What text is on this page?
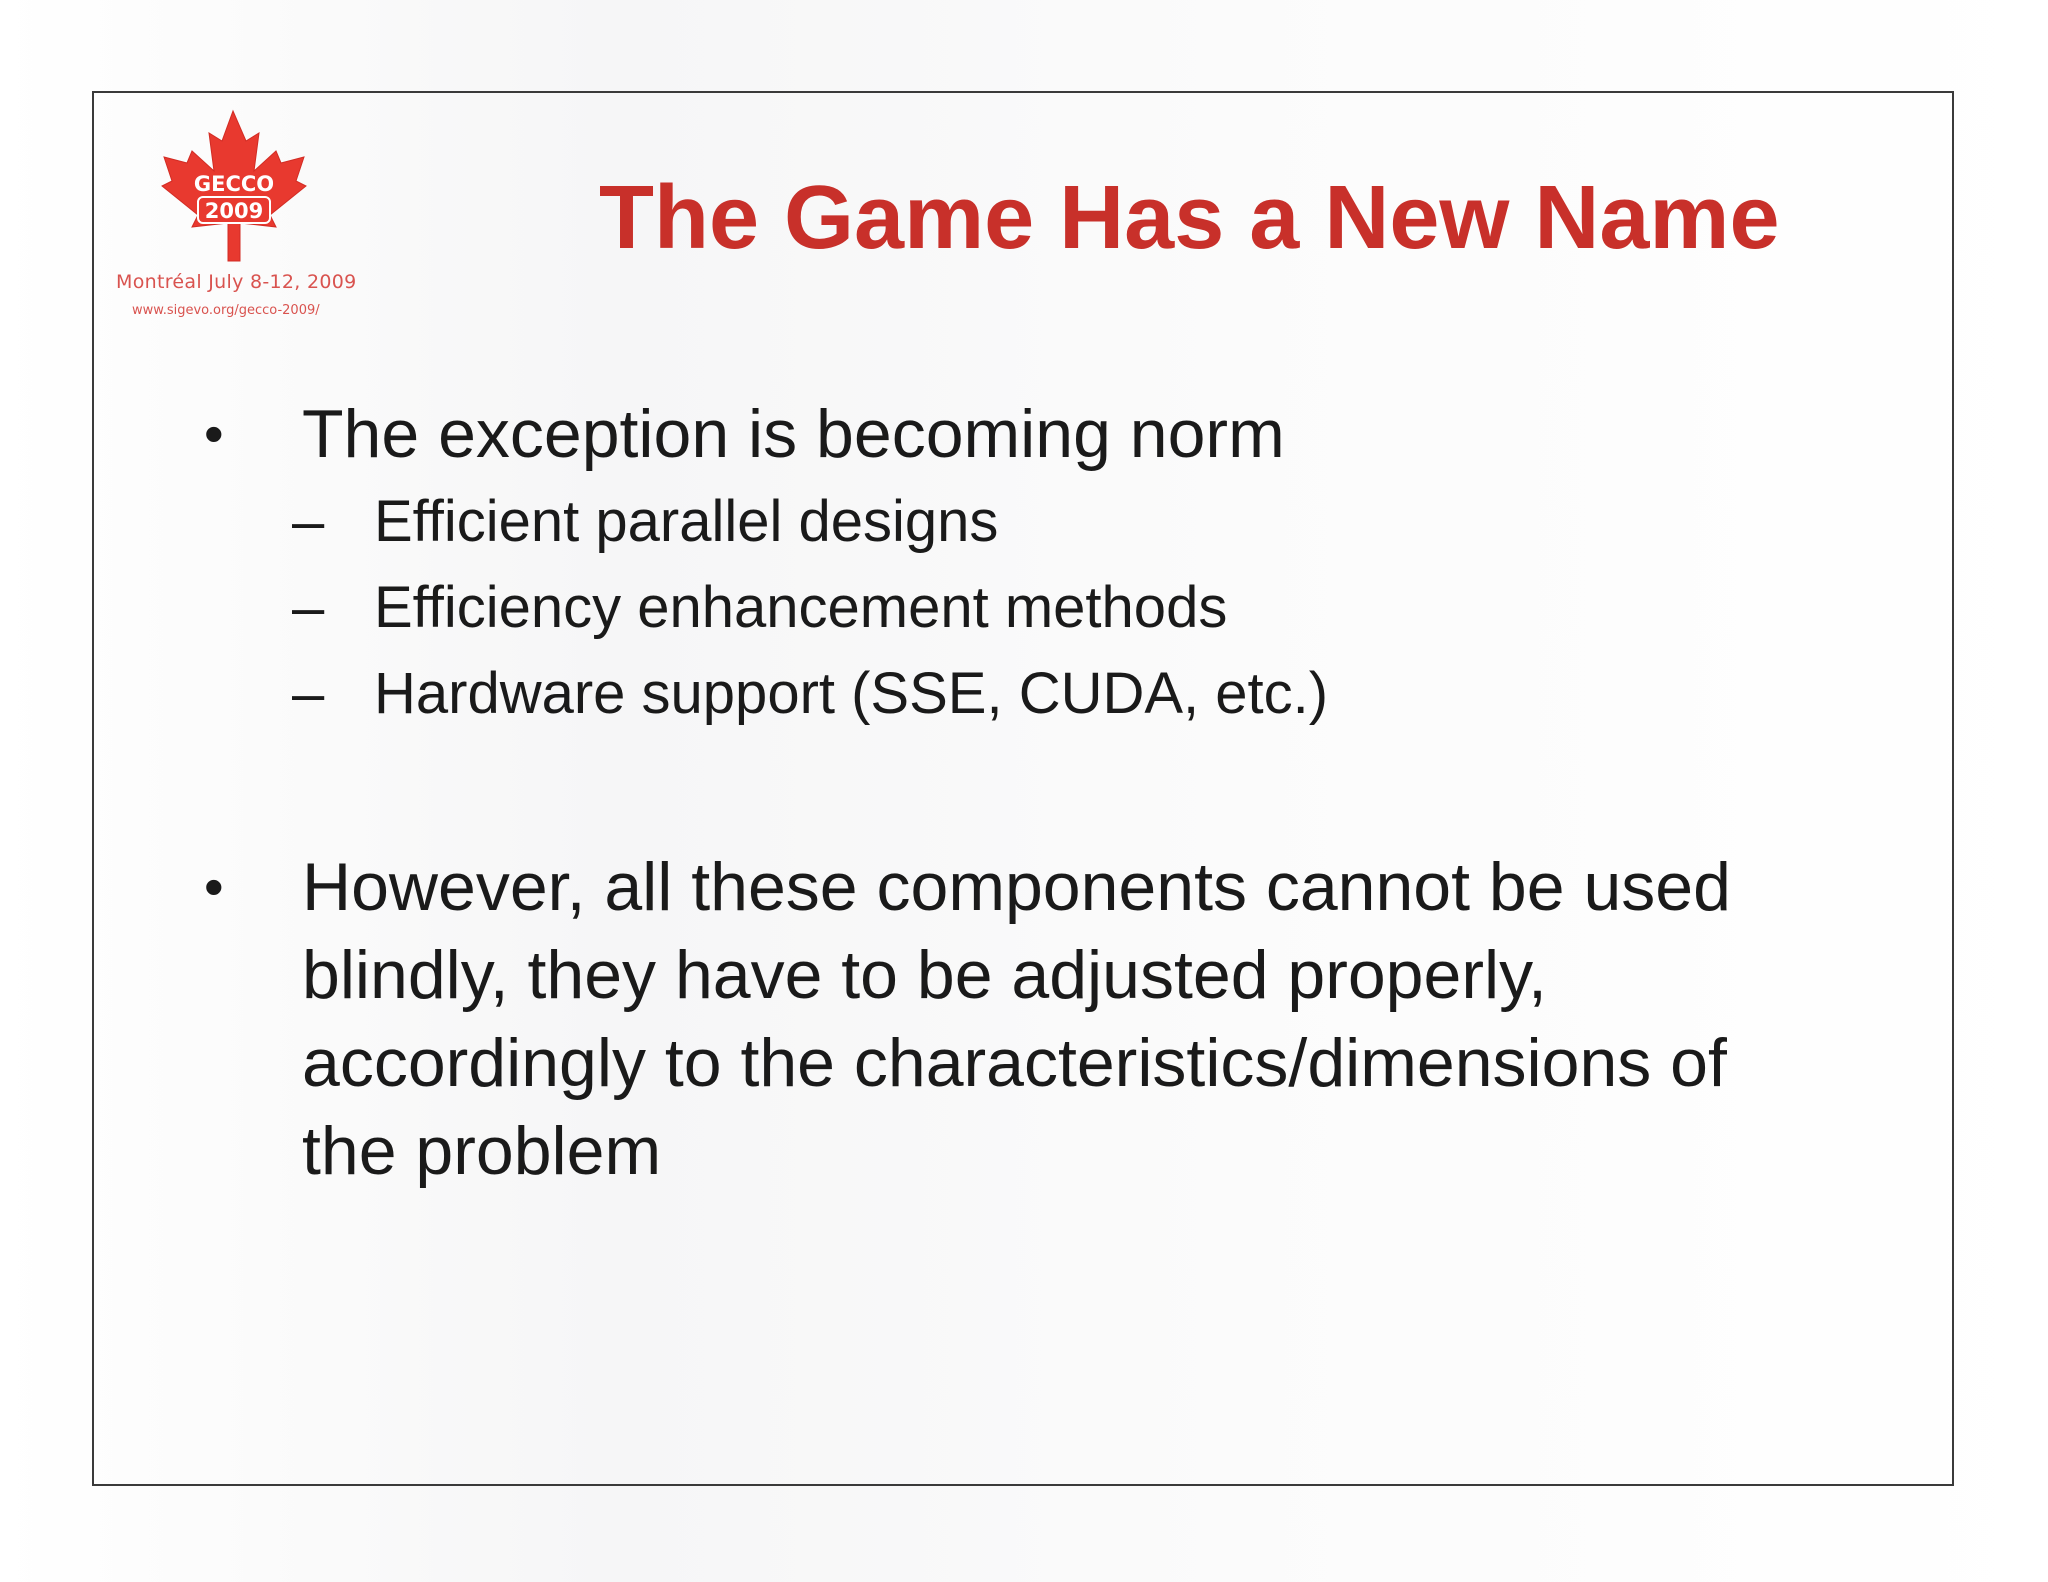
GECCO
2009
Montréal July 8-12, 2009
www.sigevo.org/gecco-2009/
The Game Has a New Name
•	The exception is becoming norm
– Efficient parallel designs
– Efficiency enhancement methods
– Hardware support (SSE, CUDA, etc.)
•	However, all these components cannot be used
blindly, they have to be adjusted properly,
accordingly to the characteristics/dimensions of
the problem
